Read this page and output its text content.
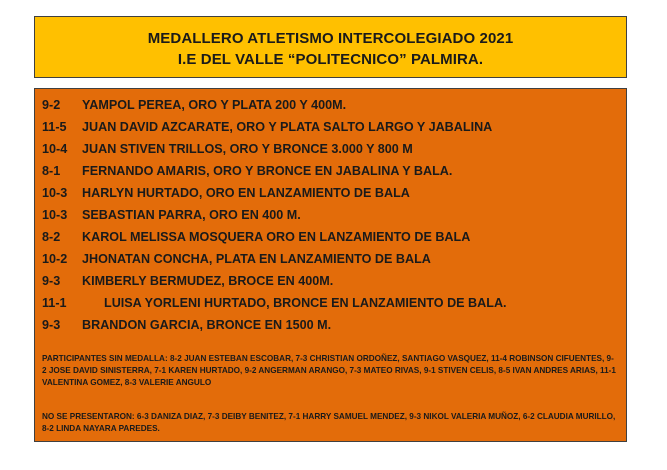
MEDALLERO ATLETISMO INTERCOLEGIADO 2021
I.E DEL VALLE “POLITECNICO” PALMIRA.
9-2 YAMPOL PEREA, ORO Y PLATA 200 Y 400M.
11-5 JUAN DAVID AZCARATE, ORO Y PLATA SALTO LARGO Y JABALINA
10-4 JUAN STIVEN TRILLOS, ORO Y BRONCE 3.000 Y 800 M
8-1 FERNANDO AMARIS, ORO Y BRONCE EN JABALINA Y BALA.
10-3 HARLYN HURTADO, ORO EN LANZAMIENTO DE BALA
10-3 SEBASTIAN PARRA, ORO EN 400 M.
8-2 KAROL MELISSA MOSQUERA ORO EN LANZAMIENTO DE BALA
10-2 JHONATAN CONCHA, PLATA EN LANZAMIENTO DE BALA
9-3 KIMBERLY BERMUDEZ, BROCE EN 400M.
11-1	LUISA YORLENI HURTADO, BRONCE EN LANZAMIENTO DE BALA.
9-3 BRANDON GARCIA, BRONCE EN 1500 M.
PARTICIPANTES SIN MEDALLA: 8-2 JUAN ESTEBAN ESCOBAR, 7-3 CHRISTIAN ORDOÑEZ, SANTIAGO VASQUEZ, 11-4 ROBINSON CIFUENTES, 9-2 JOSE DAVID SINISTERRA, 7-1 KAREN HURTADO, 9-2 ANGERMAN ARANGO, 7-3 MATEO RIVAS, 9-1 STIVEN CELIS, 8-5 IVAN ANDRES ARIAS, 11-1 VALENTINA GOMEZ, 8-3 VALERIE ANGULO
NO SE PRESENTARON: 6-3 DANIZA DIAZ, 7-3 DEIBY BENITEZ, 7-1 HARRY SAMUEL MENDEZ, 9-3 NIKOL VALERIA MUÑOZ, 6-2 CLAUDIA MURILLO, 8-2 LINDA NAYARA PAREDES.
